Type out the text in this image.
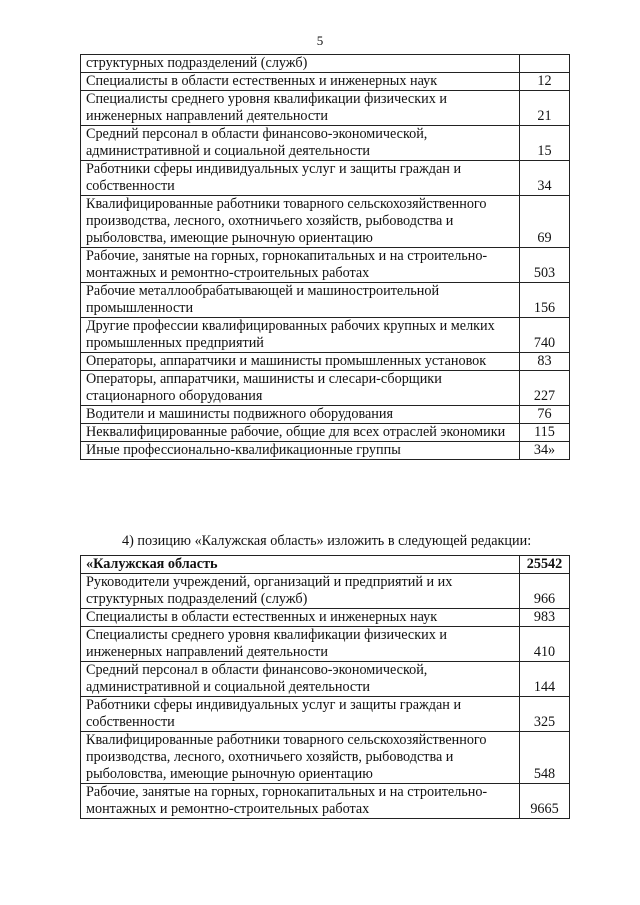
5
структурных подразделений (служб)	
Специалисты в области естественных и инженерных наук	12
Специалисты среднего уровня квалификации физических и инженерных направлений деятельности	21
Средний персонал в области финансово-экономической, административной и социальной деятельности	15
Работники сферы индивидуальных услуг и защиты граждан и собственности	34
Квалифицированные работники товарного сельскохозяйственного производства, лесного, охотничьего хозяйств, рыбоводства и рыболовства, имеющие рыночную ориентацию	69
Рабочие, занятые на горных, горнокапитальных и на строительно-монтажных и ремонтно-строительных работах	503
Рабочие металлообрабатывающей и машиностроительной промышленности	156
Другие профессии квалифицированных рабочих крупных и мелких промышленных предприятий	740
Операторы, аппаратчики и машинисты промышленных установок	83
Операторы, аппаратчики, машинисты и слесари-сборщики стационарного оборудования	227
Водители и машинисты подвижного оборудования	76
Неквалифицированные рабочие, общие для всех отраслей экономики	115
Иные профессионально-квалификационные группы	34»
4) позицию «Калужская область» изложить в следующей редакции:
«Калужская область	25542
Руководители учреждений, организаций и предприятий и их структурных подразделений (служб)	966
Специалисты в области естественных и инженерных наук	983
Специалисты среднего уровня квалификации физических и инженерных направлений деятельности	410
Средний персонал в области финансово-экономической, административной и социальной деятельности	144
Работники сферы индивидуальных услуг и защиты граждан и собственности	325
Квалифицированные работники товарного сельскохозяйственного производства, лесного, охотничьего хозяйств, рыбоводства и рыболовства, имеющие рыночную ориентацию	548
Рабочие, занятые на горных, горнокапитальных и на строительно-монтажных и ремонтно-строительных работах	9665
